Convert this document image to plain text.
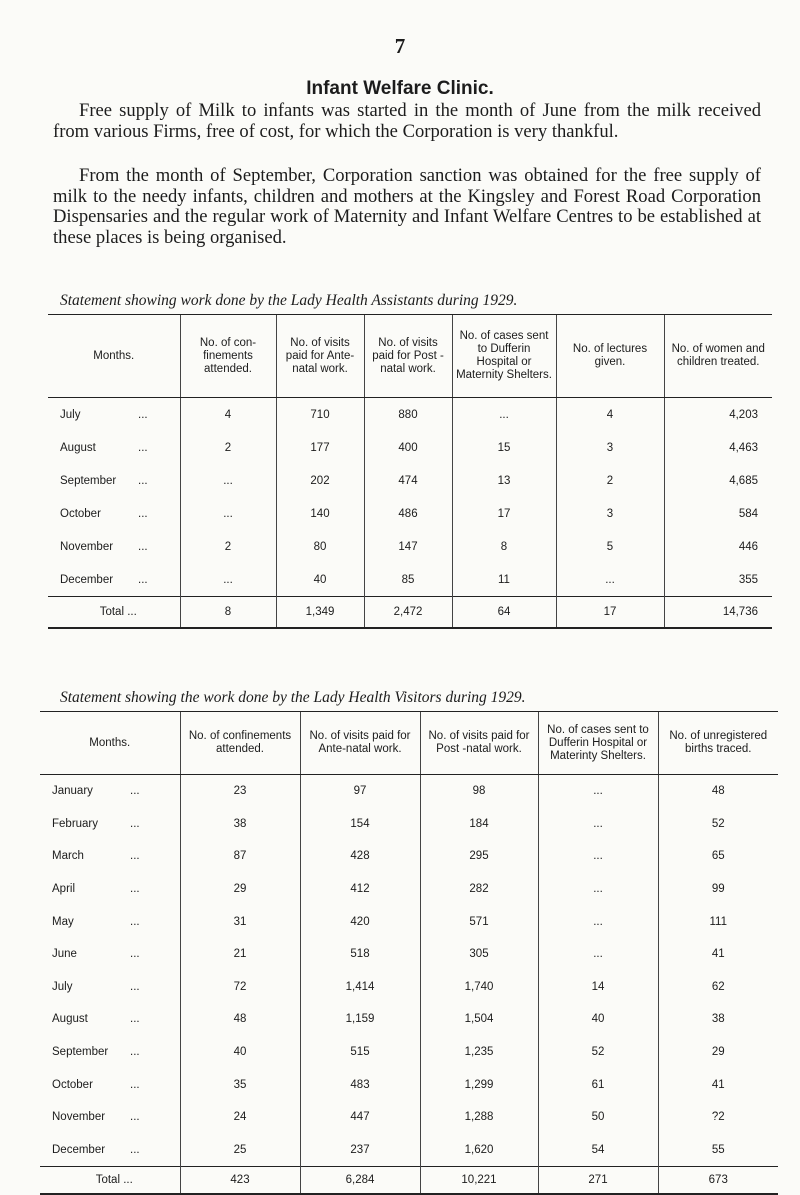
7
Infant Welfare Clinic.

Free supply of Milk to infants was started in the month of June from the milk received from various Firms, free of cost, for which the Corporation is very thankful.

From the month of September, Corporation sanction was obtained for the free supply of milk to the needy infants, children and mothers at the Kingsley and Forest Road Corporation Dispensaries and the regular work of Maternity and Infant Welfare Centres to be established at these places is being organised.

Statement showing work done by the Lady Health Assistants during 1929.
Months.	No. of con-finements attended.	No. of visits paid for Ante-natal work.	No. of visits paid for Post -natal work.	No. of cases sent to Dufferin Hospital or Maternity Shelters.	No. of lectures given.	No. of women and children treated.
July ...	4	710	880	...	4	4,203
August ...	2	177	400	15	3	4,463
September ...	...	202	474	13	2	4,685
October ...	...	140	486	17	3	584
November ...	2	80	147	8	5	446
December ...	...	40	85	11	...	355
Total ...	8	1,349	2,472	64	17	14,736
Statement showing the work done by the Lady Health Visitors during 1929.
Months.	No. of confinements attended.	No. of visits paid for Ante-natal work.	No. of visits paid for Post -natal work.	No. of cases sent to Dufferin Hospital or Materinty Shelters.	No. of unregistered births traced.
January ...	23	97	98	...	48
February ...	38	154	184	...	52
March ...	87	428	295	...	65
April ...	29	412	282	...	99
May ...	31	420	571	...	111
June ...	21	518	305	...	41
July ...	72	1,414	1,740	14	62
August ...	48	1,159	1,504	40	38
September ...	40	515	1,235	52	29
October ...	35	483	1,299	61	41
November ...	24	447	1,288	50	?2
December ...	25	237	1,620	54	55
Total ...	423	6,284	10,221	271	673
